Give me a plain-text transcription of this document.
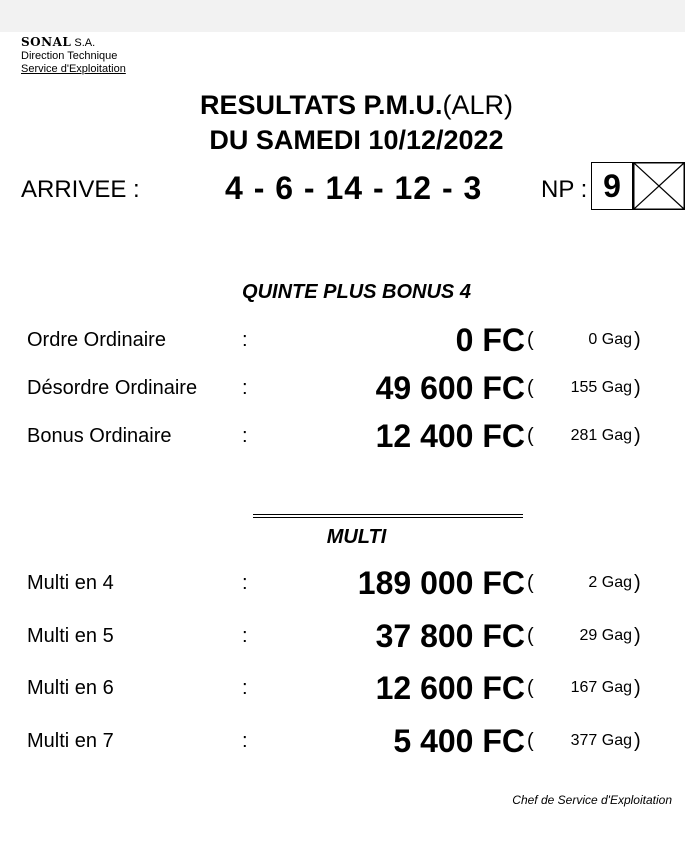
SONAL S.A.
Direction Technique
Service d'Exploitation
RESULTATS P.M.U.(ALR)
DU SAMEDI 10/12/2022
ARRIVEE :	4 - 6 - 14 - 12 - 3 NP : 9
QUINTE PLUS BONUS 4
Ordre Ordinaire	:	0 FC (	0 Gag )
Désordre Ordinaire :	49 600 FC ( 155 Gag )
Bonus Ordinaire	:	12 400 FC ( 281 Gag )
MULTI
Multi en 4	:	189 000 FC (	2 Gag )
Multi en 5	:	37 800 FC (	29 Gag )
Multi en 6	:	12 600 FC ( 167 Gag )
Multi en 7	:	5 400 FC ( 377 Gag )
Chef de Service d'Exploitation
